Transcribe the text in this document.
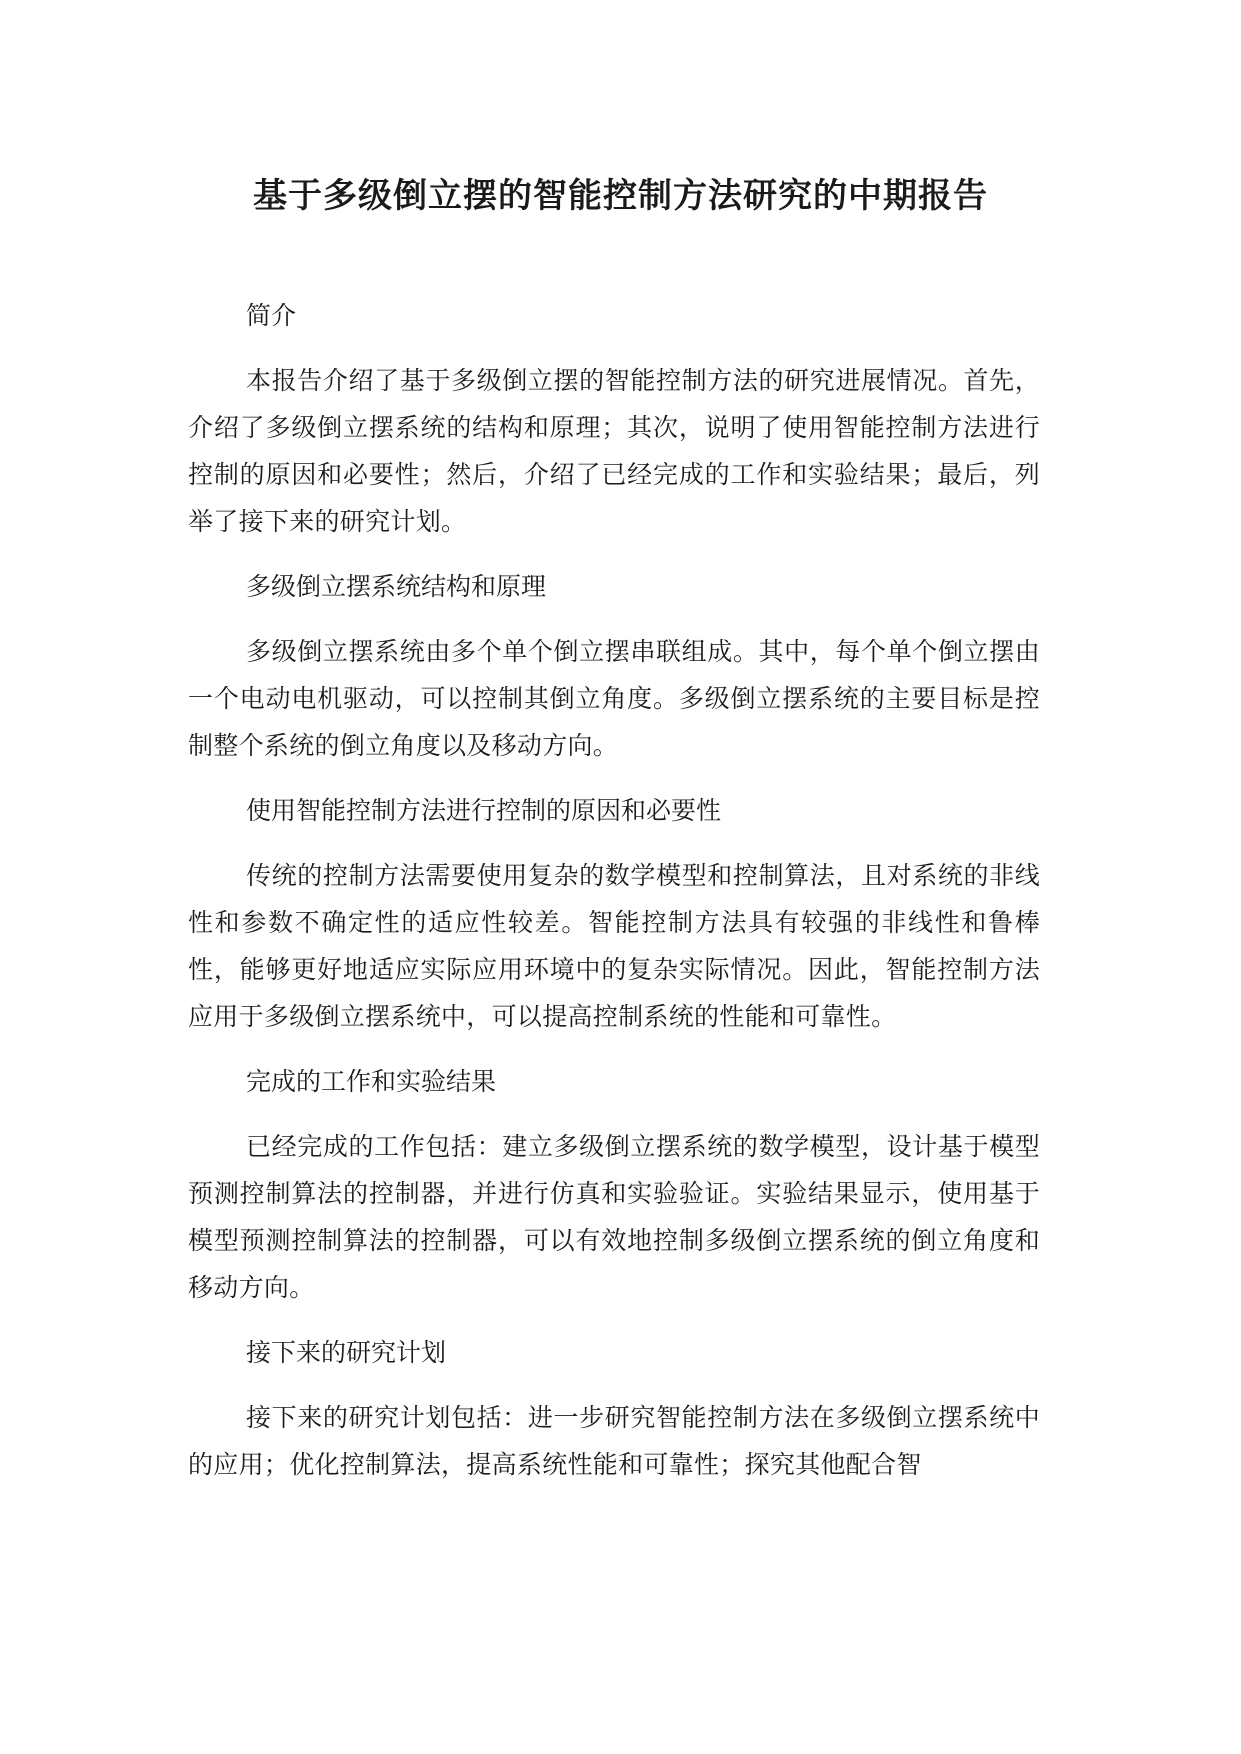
基于多级倒立摆的智能控制方法研究的中期报告

简介

本报告介绍了基于多级倒立摆的智能控制方法的研究进展情况。首先，介绍了多级倒立摆系统的结构和原理；其次，说明了使用智能控制方法进行控制的原因和必要性；然后，介绍了已经完成的工作和实验结果；最后，列举了接下来的研究计划。

多级倒立摆系统结构和原理

多级倒立摆系统由多个单个倒立摆串联组成。其中，每个单个倒立摆由一个电动电机驱动，可以控制其倒立角度。多级倒立摆系统的主要目标是控制整个系统的倒立角度以及移动方向。

使用智能控制方法进行控制的原因和必要性

传统的控制方法需要使用复杂的数学模型和控制算法，且对系统的非线性和参数不确定性的适应性较差。智能控制方法具有较强的非线性和鲁棒性，能够更好地适应实际应用环境中的复杂实际情况。因此，智能控制方法应用于多级倒立摆系统中，可以提高控制系统的性能和可靠性。

完成的工作和实验结果

已经完成的工作包括：建立多级倒立摆系统的数学模型，设计基于模型预测控制算法的控制器，并进行仿真和实验验证。实验结果显示，使用基于模型预测控制算法的控制器，可以有效地控制多级倒立摆系统的倒立角度和移动方向。

接下来的研究计划

接下来的研究计划包括：进一步研究智能控制方法在多级倒立摆系统中的应用；优化控制算法，提高系统性能和可靠性；探究其他配合智
